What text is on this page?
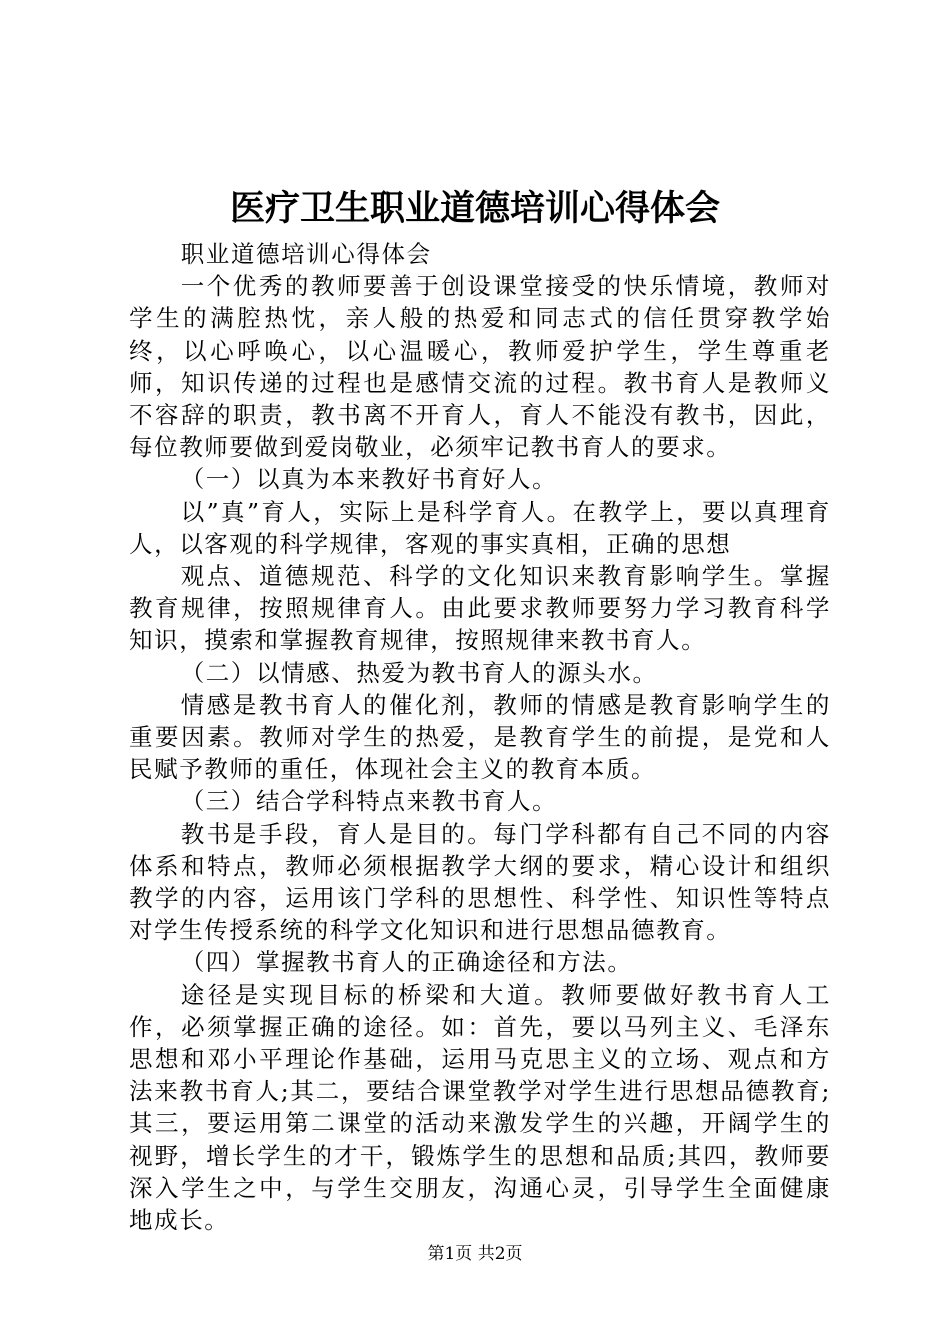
医疗卫生职业道德培训心得体会

职业道德培训心得体会

一个优秀的教师要善于创设课堂接受的快乐情境，教师对学生的满腔热忱，亲人般的热爱和同志式的信任贯穿教学始终，以心呼唤心，以心温暖心，教师爱护学生，学生尊重老师，知识传递的过程也是感情交流的过程。教书育人是教师义不容辞的职责，教书离不开育人，育人不能没有教书，因此，每位教师要做到爱岗敬业，必须牢记教书育人的要求。

（一）以真为本来教好书育好人。

以”真”育人，实际上是科学育人。在教学上，要以真理育人，以客观的科学规律，客观的事实真相，正确的思想

观点、道德规范、科学的文化知识来教育影响学生。掌握教育规律，按照规律育人。由此要求教师要努力学习教育科学知识，摸索和掌握教育规律，按照规律来教书育人。

（二）以情感、热爱为教书育人的源头水。

情感是教书育人的催化剂，教师的情感是教育影响学生的重要因素。教师对学生的热爱，是教育学生的前提，是党和人民赋予教师的重任，体现社会主义的教育本质。

（三）结合学科特点来教书育人。

教书是手段，育人是目的。每门学科都有自己不同的内容体系和特点，教师必须根据教学大纲的要求，精心设计和组织教学的内容，运用该门学科的思想性、科学性、知识性等特点对学生传授系统的科学文化知识和进行思想品德教育。

（四）掌握教书育人的正确途径和方法。

途径是实现目标的桥梁和大道。教师要做好教书育人工作，必须掌握正确的途径。如：首先，要以马列主义、毛泽东思想和邓小平理论作基础，运用马克思主义的立场、观点和方法来教书育人;其二，要结合课堂教学对学生进行思想品德教育;其三，要运用第二课堂的活动来激发学生的兴趣，开阔学生的视野，增长学生的才干，锻炼学生的思想和品质;其四，教师要深入学生之中，与学生交朋友，沟通心灵，引导学生全面健康地成长。

第1页 共2页
